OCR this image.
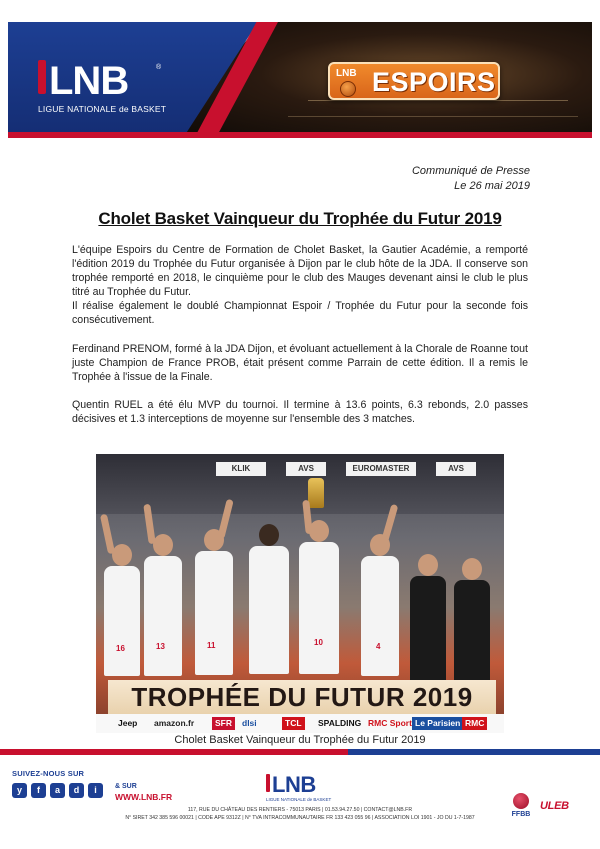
LNB	®
LIGUE NATIONALE de BASKET
LNB ESPOIRS
Communiqué de Presse
Le 26 mai 2019
Cholet Basket Vainqueur du Trophée du Futur 2019

L'équipe Espoirs du Centre de Formation de Cholet Basket, la Gautier Académie, a remporté l'édition 2019 du Trophée du Futur organisée à Dijon par le club hôte de la JDA. Il conserve son trophée remporté en 2018, le cinquième pour le club des Mauges devenant ainsi le club le plus titré au Trophée du Futur.

Il réalise également le doublé Championnat Espoir / Trophée du Futur pour la seconde fois consécutivement.

Ferdinand PRENOM, formé à la JDA Dijon, et évoluant actuellement à la Chorale de Roanne tout juste Champion de France PROB, était présent comme Parrain de cette édition. Il a remis le Trophée à l'issue de la Finale.

Quentin RUEL a été élu MVP du tournoi. Il termine à 13.6 points, 6.3 rebonds, 2.0 passes décisives et 1.3 interceptions de moyenne sur l'ensemble des 3 matches.

KLIK	AVS	EUROMASTER	AVS
16	13	11	10	4
TROPHÉE DU FUTUR 2019
Jeep amazon.fr	SFR	dlsi	TCL	SPALDING RMC Sport Le Parisien RMC
Cholet Basket Vainqueur du Trophée du Futur 2019
SUIVEZ-NOUS SUR
y	f	a	d	i	& SUR
WWW.LNB.FR	LNB
LIGUE NATIONALE de BASKET
117, RUE DU CHÂTEAU DES RENTIERS - 75013 PARIS | 01.53.94.27.50 | CONTACT@LNB.FR
N° SIRET 342 385 596 00021 | CODE APE 9312Z | N° TVA INTRACOMMUNAUTAIRE FR 133 423 055 96 | ASSOCIATION LOI 1901 - JO DU 1-7-1987	FFBB
ULEB
